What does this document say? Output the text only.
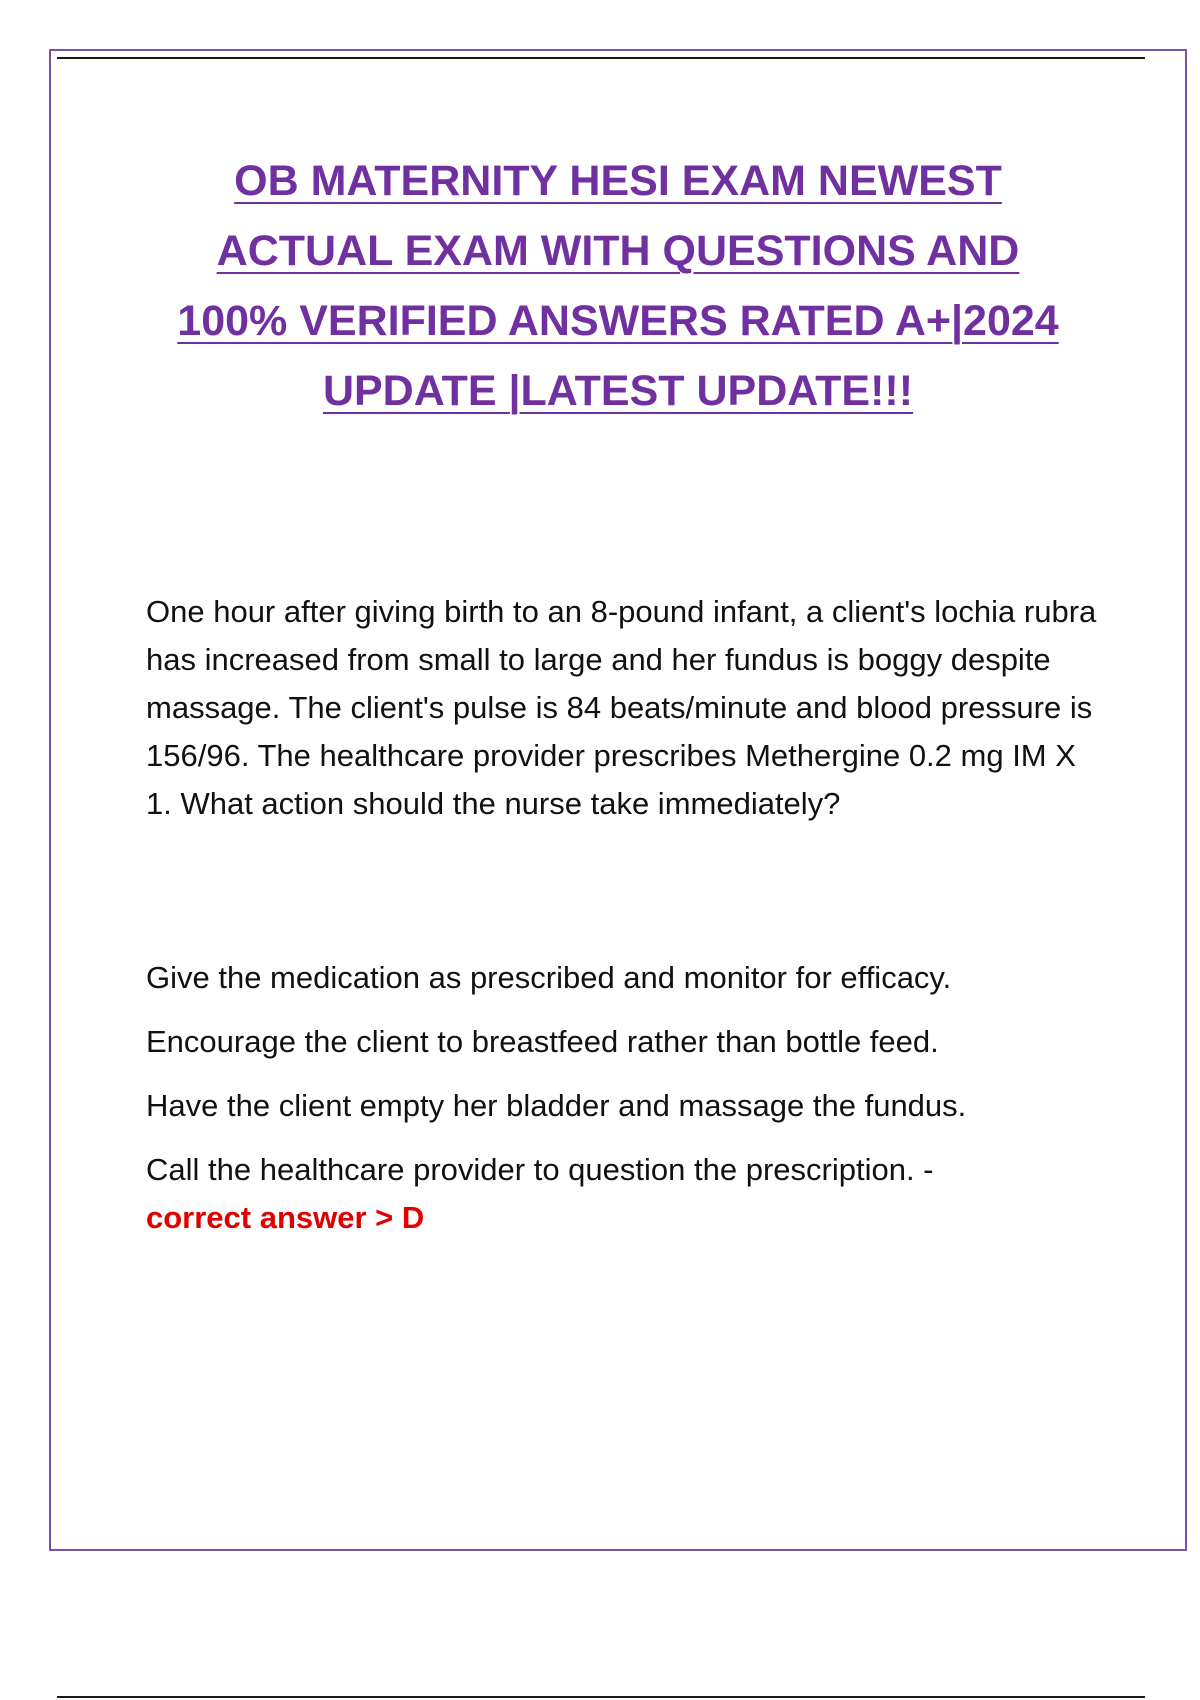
OB MATERNITY HESI EXAM NEWEST
ACTUAL EXAM WITH QUESTIONS AND
100% VERIFIED ANSWERS RATED A+|2024
UPDATE |LATEST UPDATE!!!

One hour after giving birth to an 8-pound infant, a client's lochia rubra has increased from small to large and her fundus is boggy despite massage. The client's pulse is 84 beats/minute and blood pressure is 156/96. The healthcare provider prescribes Methergine 0.2 mg IM X 1. What action should the nurse take immediately?

Give the medication as prescribed and monitor for efficacy.
Encourage the client to breastfeed rather than bottle feed.
Have the client empty her bladder and massage the fundus.
Call the healthcare provider to question the prescription. -
correct answer > D
